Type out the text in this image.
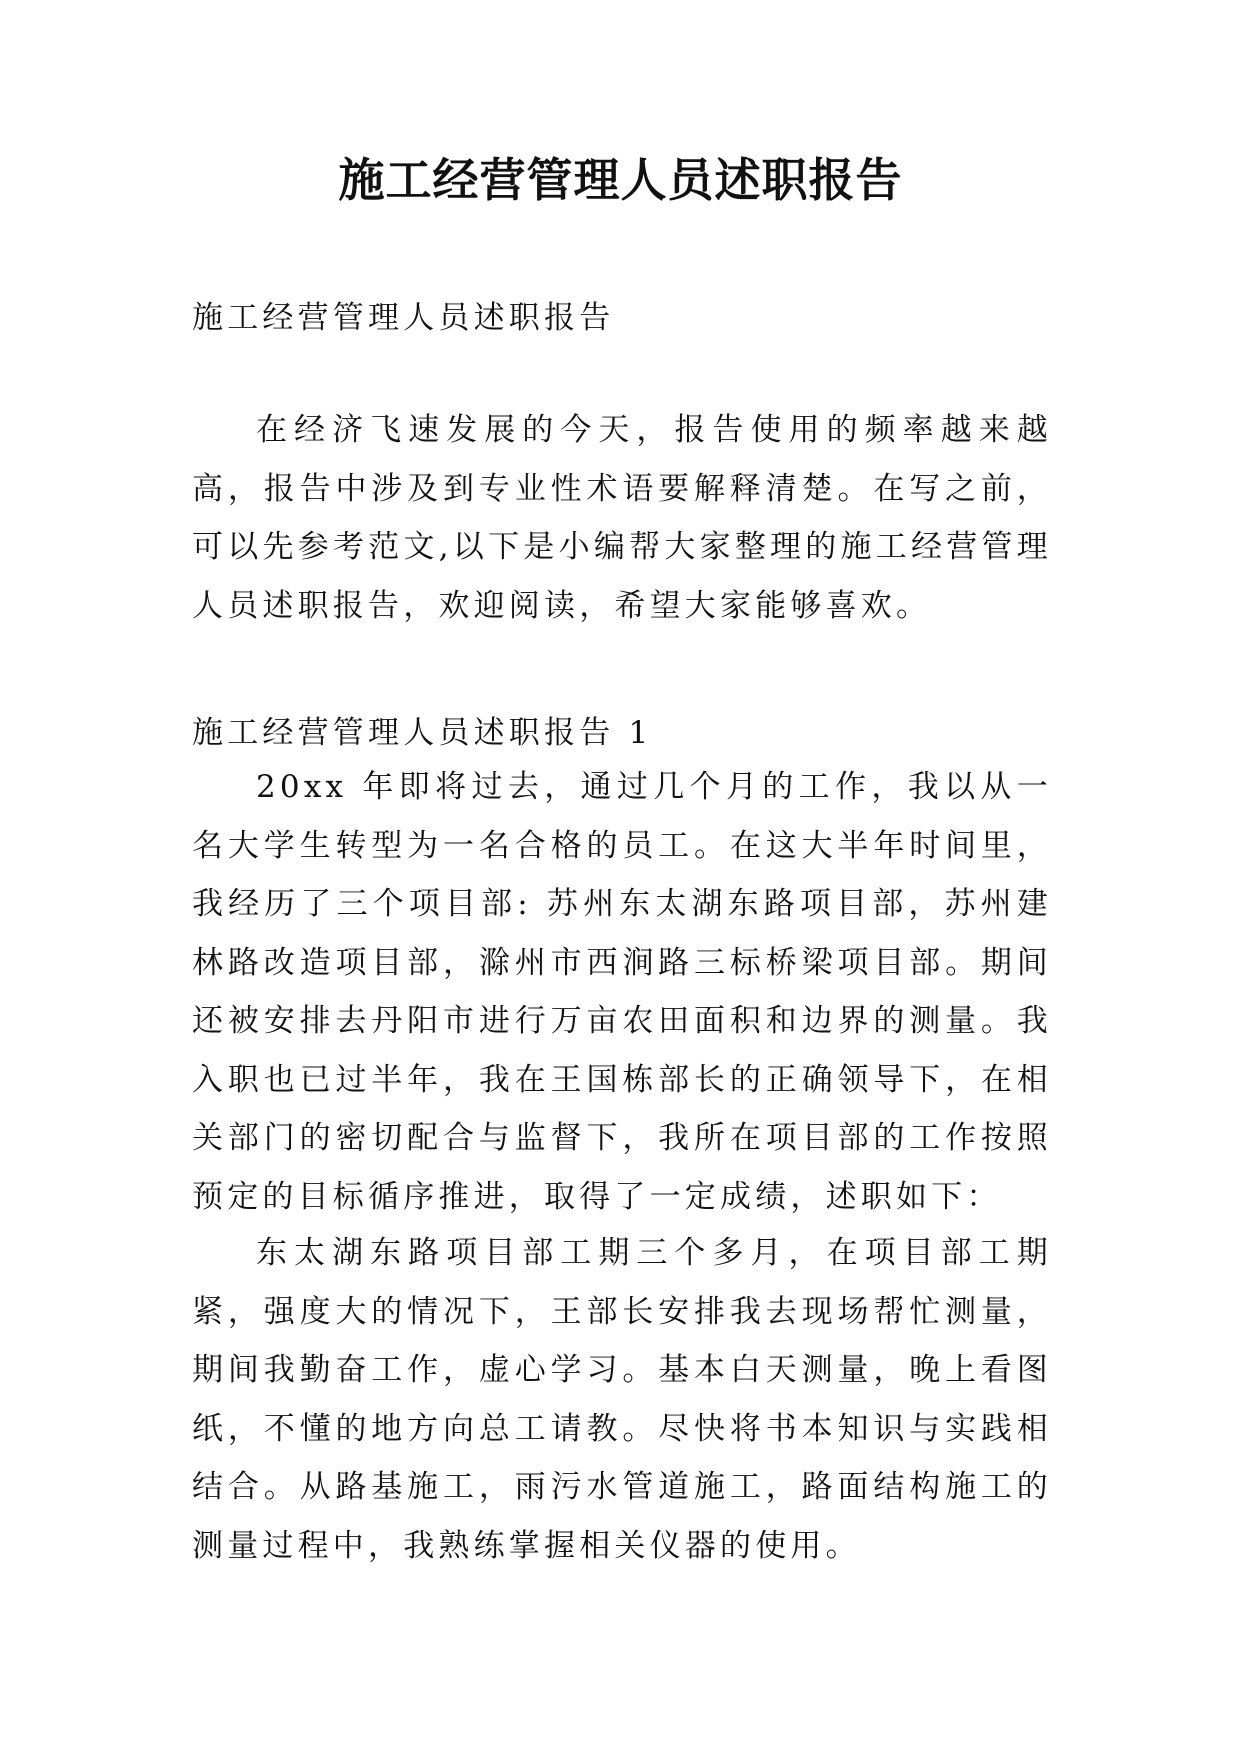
施工经营管理人员述职报告

施工经营管理人员述职报告

在经济飞速发展的今天，报告使用的频率越来越高，报告中涉及到专业性术语要解释清楚。在写之前，可以先参考范文,以下是小编帮大家整理的施工经营管理人员述职报告，欢迎阅读，希望大家能够喜欢。

施工经营管理人员述职报告 1

20xx 年即将过去，通过几个月的工作，我以从一名大学生转型为一名合格的员工。在这大半年时间里，我经历了三个项目部: 苏州东太湖东路项目部，苏州建林路改造项目部，滁州市西涧路三标桥梁项目部。期间还被安排去丹阳市进行万亩农田面积和边界的测量。我入职也已过半年，我在王国栋部长的正确领导下，在相关部门的密切配合与监督下，我所在项目部的工作按照预定的目标循序推进，取得了一定成绩，述职如下：

东太湖东路项目部工期三个多月，在项目部工期紧，强度大的情况下，王部长安排我去现场帮忙测量，期间我勤奋工作，虚心学习。基本白天测量，晚上看图纸，不懂的地方向总工请教。尽快将书本知识与实践相结合。从路基施工，雨污水管道施工，路面结构施工的测量过程中，我熟练掌握相关仪器的使用。
